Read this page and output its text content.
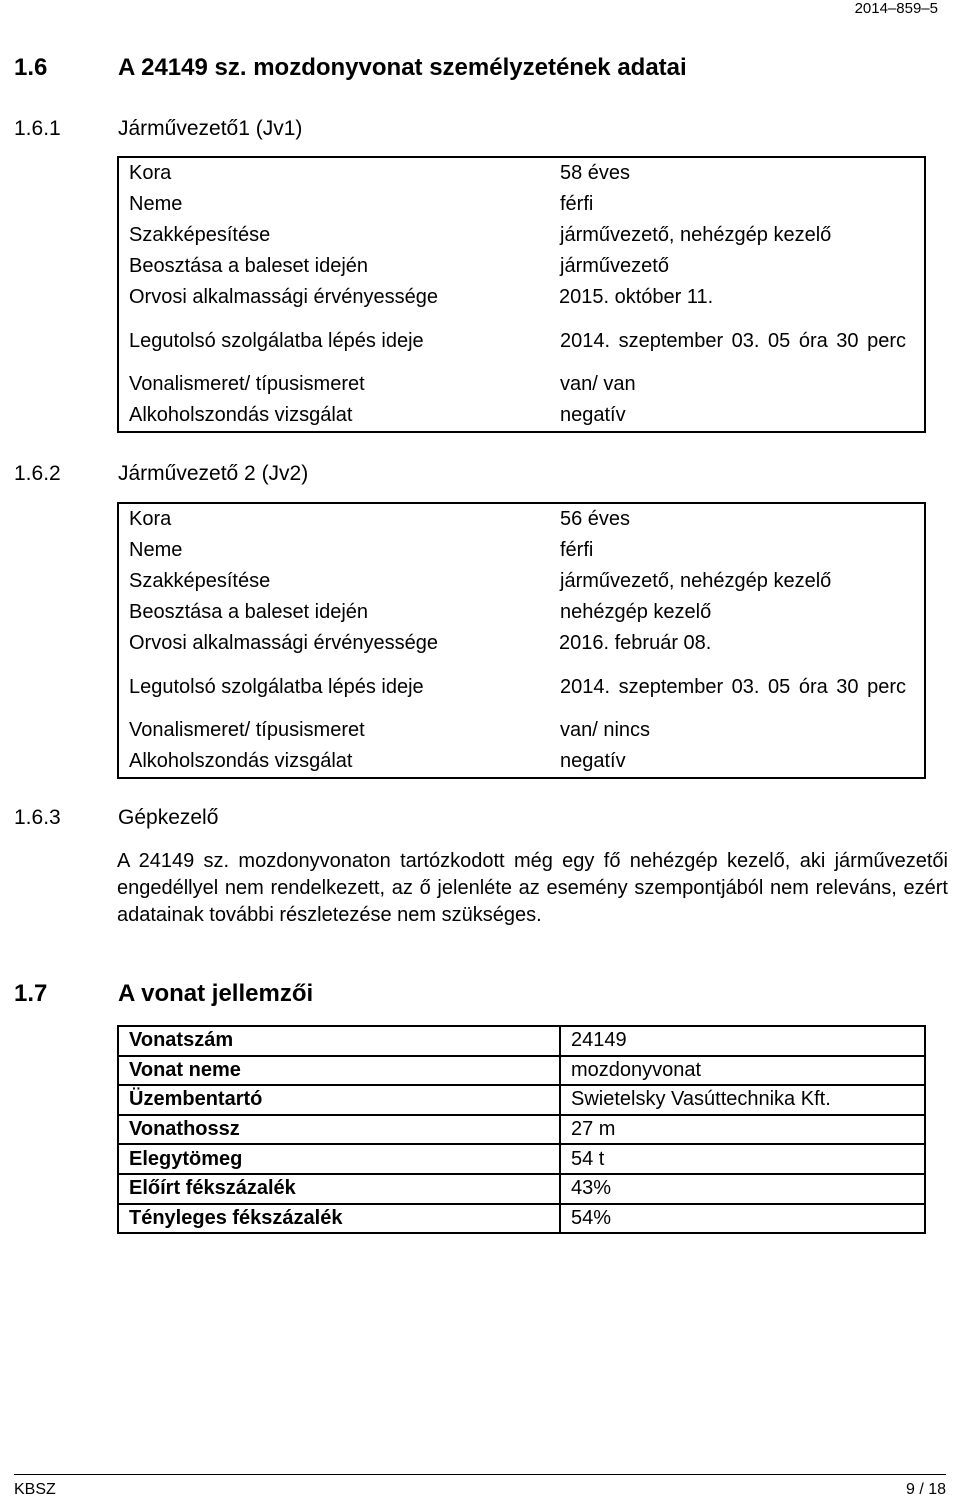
2014–859–5
1.6	A 24149 sz. mozdonyvonat személyzetének adatai
1.6.1	Járművezető1 (Jv1)
Kora	58 éves
Neme	férfi
Szakképesítése	járművezető, nehézgép kezelő
Beosztása a baleset idején	járművezető
Orvosi alkalmassági érvényessége	2015. október 11.
Legutolsó szolgálatba lépés ideje	2014. szeptember 03. 05 óra 30 perc
Vonalismeret/ típusismeret	van/ van
Alkoholszondás vizsgálat	negatív
1.6.2	Járművezető 2 (Jv2)
Kora	56 éves
Neme	férfi
Szakképesítése	járművezető, nehézgép kezelő
Beosztása a baleset idején	nehézgép kezelő
Orvosi alkalmassági érvényessége	2016. február 08.
Legutolsó szolgálatba lépés ideje	2014. szeptember 03. 05 óra 30 perc
Vonalismeret/ típusismeret	van/ nincs
Alkoholszondás vizsgálat	negatív
1.6.3	Gépkezelő
A 24149 sz. mozdonyvonaton tartózkodott még egy fő nehézgép kezelő, aki járművezetői engedéllyel nem rendelkezett, az ő jelenléte az esemény szempontjából nem releváns, ezért adatainak további részletezése nem szükséges.
1.7	A vonat jellemzői
Vonatszám	24149
Vonat neme	mozdonyvonat
Üzembentartó	Swietelsky Vasúttechnika Kft.
Vonathossz	27 m
Elegytömeg	54 t
Előírt fékszázalék	43%
Tényleges fékszázalék	54%
KBSZ	9 / 18
